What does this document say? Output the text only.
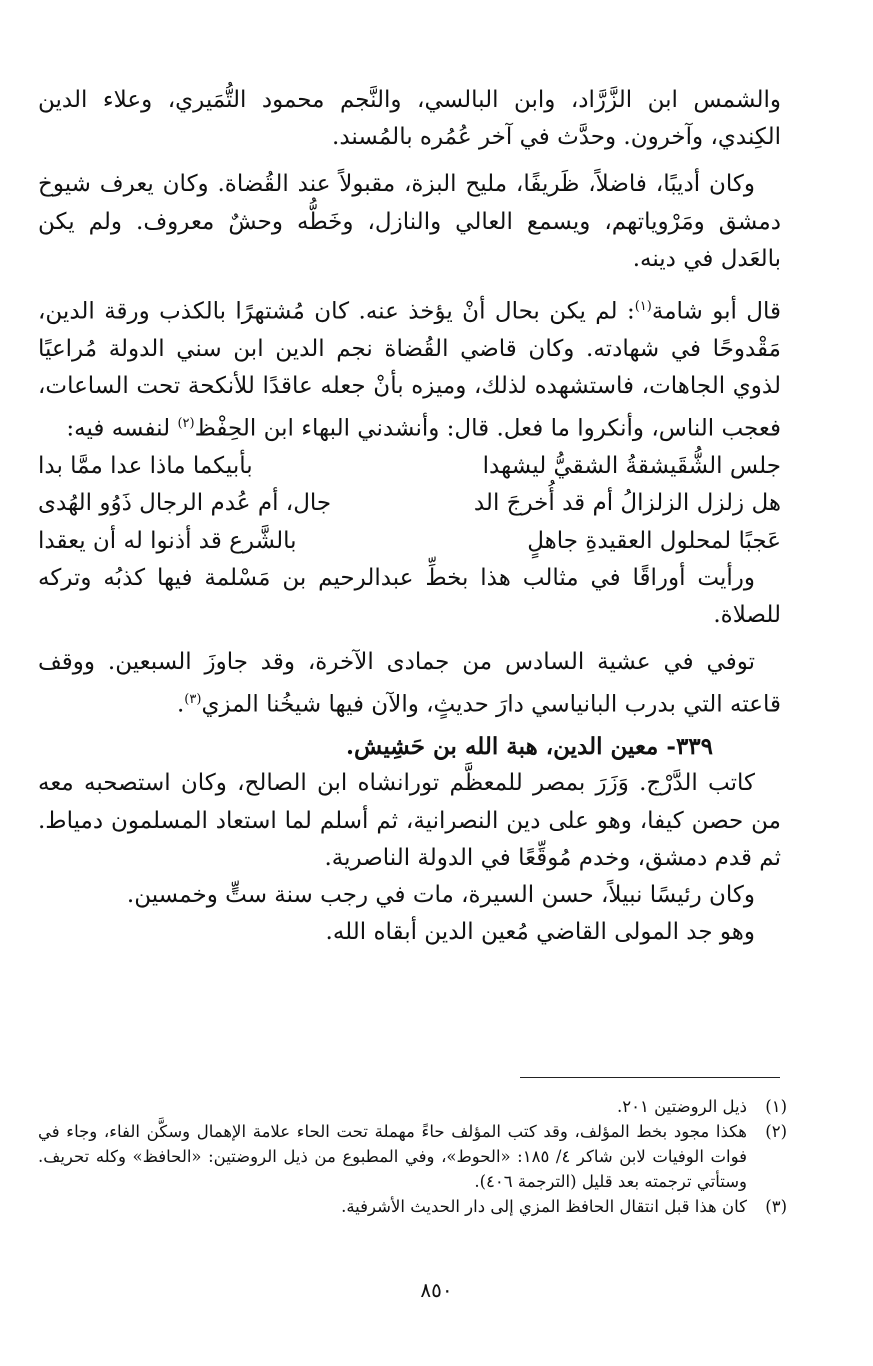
والشمس ابن الزَّرَّاد، وابن البالسي، والنَّجم محمود التُّمَيري، وعلاء الدين الكِندي، وآخرون. وحدَّث في آخر عُمُره بالمُسند.

وكان أديبًا، فاضلاً، ظَريفًا، مليح البزة، مقبولاً عند القُضاة. وكان يعرف شيوخ دمشق ومَرْوياتهم، ويسمع العالي والنازل، وخَطُّه وحشٌ معروف. ولم يكن بالعَدل في دينه.

قال أبو شامة$^{(١)}$: لم يكن بحال أنْ يؤخذ عنه. كان مُشتهرًا بالكذب ورقة الدين، مَقْدوحًا في شهادته. وكان قاضي القُضاة نجم الدين ابن سني الدولة مُراعيًا لذوي الجاهات، فاستشهده لذلك، وميزه بأنْ جعله عاقدًا للأنكحة تحت الساعات، فعجب الناس، وأنكروا ما فعل. قال: وأنشدني البهاء ابن الحِفْظ$^{(٢)}$ لنفسه فيه:

جلس الشُّقَيشقةُ الشقيُّ ليشهدا
بأبيكما ماذا عدا ممَّا بدا
هل زلزل الزلزالُ أم قد أُخرجَ الد
جال، أم عُدم الرجال ذَوُو الهُدى
عَجبًا لمحلول العقيدةِ جاهلٍ
بالشَّرع قد أذنوا له أن يعقدا

ورأيت أوراقًا في مثالب هذا بخطِّ عبدالرحيم بن مَسْلمة فيها كذبُه وتركه للصلاة.

توفي في عشية السادس من جمادى الآخرة، وقد جاوزَ السبعين. ووقف قاعته التي بدرب البانياسي دارَ حديثٍ، والآن فيها شيخُنا المزي$^{(٣)}$.

٣٣٩- معين الدين، هبة الله بن حَشِيش.

كاتب الدَّرْج. وَزَرَ بمصر للمعظَّم تورانشاه ابن الصالح، وكان استصحبه معه من حصن كيفا، وهو على دين النصرانية، ثم أسلم لما استعاد المسلمون دمياط. ثم قدم دمشق، وخدم مُوقِّعًا في الدولة الناصرية.

وكان رئيسًا نبيلاً، حسن السيرة، مات في رجب سنة ستٍّ وخمسين.

وهو جد المولى القاضي مُعين الدين أبقاه الله.

(١)
ذيل الروضتين ٢٠١.
(٢)
هكذا مجود بخط المؤلف، وقد كتب المؤلف حاءً مهملة تحت الحاء علامة الإهمال وسكَّن الفاء، وجاء في فوات الوفيات لابن شاكر ٤/ ١٨٥: «الحوط»، وفي المطبوع من ذيل الروضتين: «الحافظ» وكله تحريف. وستأتي ترجمته بعد قليل (الترجمة ٤٠٦).
(٣)
كان هذا قبل انتقال الحافظ المزي إلى دار الحديث الأشرفية.
٨٥٠
